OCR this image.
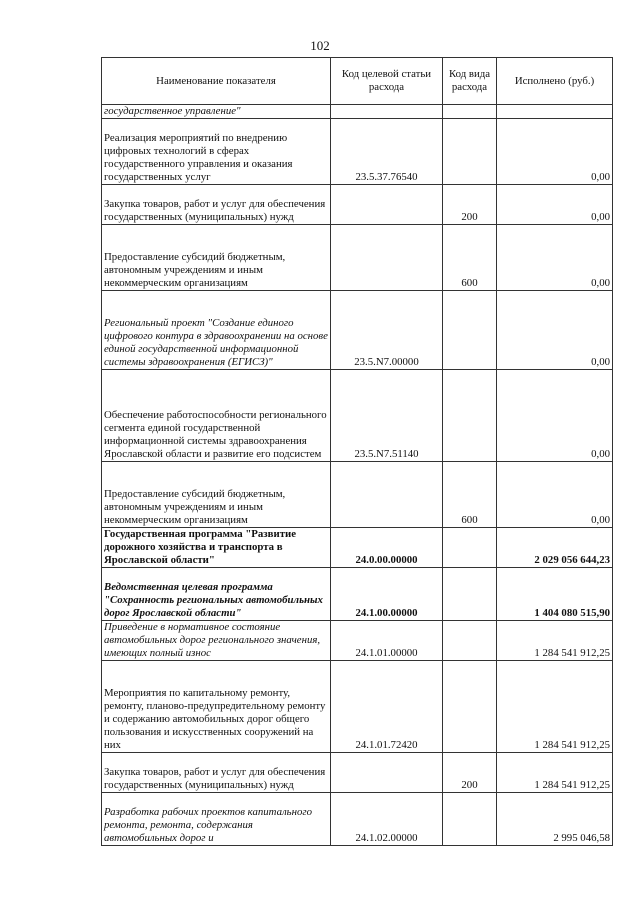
102
Наименование показателя	Код целевой статьи расхода	Код вида расхода	Исполнено (руб.)
государственное управление"			
Реализация мероприятий по внедрению цифровых технологий в сферах государственного управления и оказания государственных услуг	23.5.37.76540		0,00
Закупка товаров, работ и услуг для обеспечения государственных (муниципальных) нужд		200	0,00
Предоставление субсидий бюджетным, автономным учреждениям и иным некоммерческим организациям		600	0,00
Региональный проект "Создание единого цифрового контура в здравоохранении на основе единой государственной информационной системы здравоохранения (ЕГИСЗ)"	23.5.N7.00000		0,00
Обеспечение работоспособности регионального сегмента единой государственной информационной системы здравоохранения Ярославской области и развитие его подсистем	23.5.N7.51140		0,00
Предоставление субсидий бюджетным, автономным учреждениям и иным некоммерческим организациям		600	0,00
Государственная программа "Развитие дорожного хозяйства и транспорта в Ярославской области"	24.0.00.00000		2 029 056 644,23
Ведомственная целевая программа "Сохранность региональных автомобильных дорог Ярославской области"	24.1.00.00000		1 404 080 515,90
Приведение в нормативное состояние автомобильных дорог регионального значения, имеющих полный износ	24.1.01.00000		1 284 541 912,25
Мероприятия по капитальному ремонту, ремонту, планово-предупредительному ремонту и содержанию автомобильных дорог общего пользования и искусственных сооружений на них	24.1.01.72420		1 284 541 912,25
Закупка товаров, работ и услуг для обеспечения государственных (муниципальных) нужд		200	1 284 541 912,25
Разработка рабочих проектов капитального ремонта, ремонта, содержания автомобильных дорог и	24.1.02.00000		2 995 046,58
